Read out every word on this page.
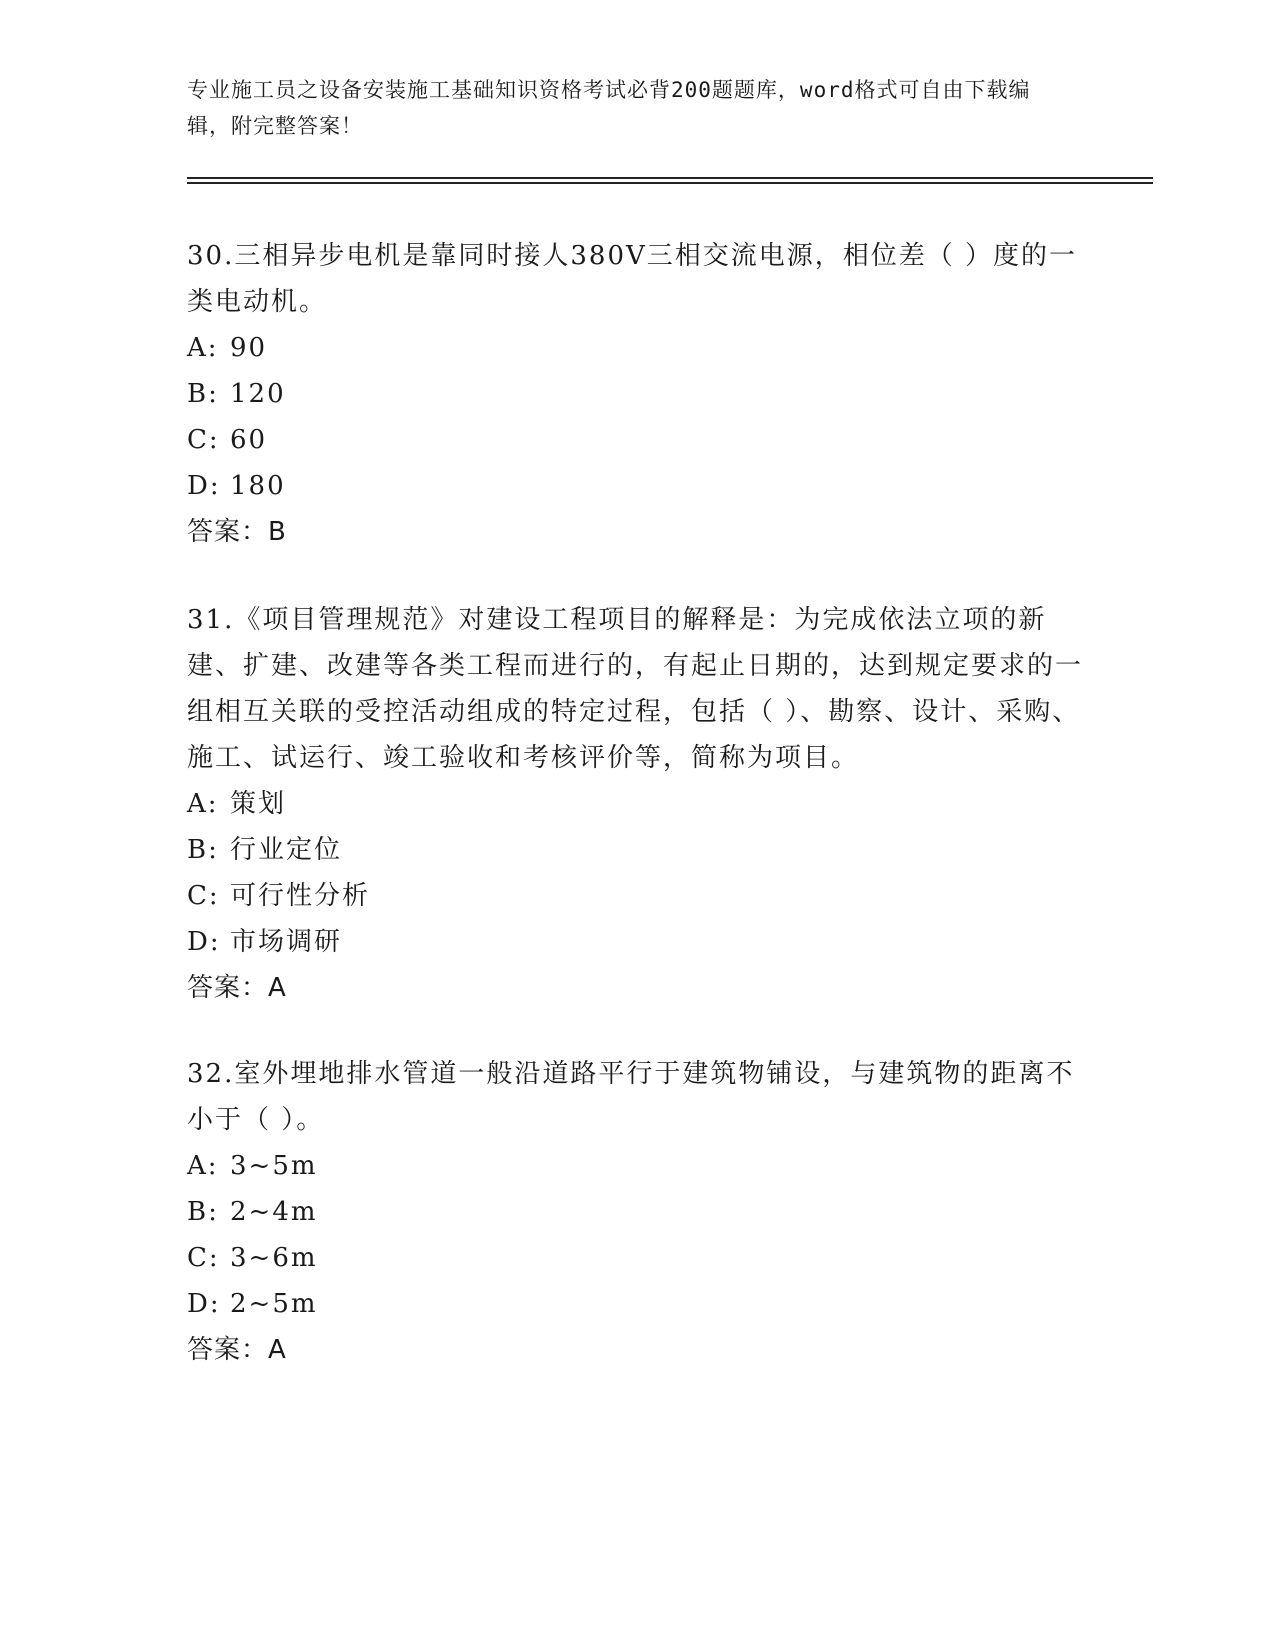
专业施工员之设备安装施工基础知识资格考试必背200题题库，word格式可自由下载编辑，附完整答案！
30.三相异步电机是靠同时接人380V三相交流电源，相位差（ ）度的一类电动机。
A: 90
B: 120
C: 60
D: 180
答案：B
31.《项目管理规范》对建设工程项目的解释是：为完成依法立项的新建、扩建、改建等各类工程而进行的，有起止日期的，达到规定要求的一组相互关联的受控活动组成的特定过程，包括（ ）、勘察、设计、采购、施工、试运行、竣工验收和考核评价等，简称为项目。
A: 策划
B: 行业定位
C: 可行性分析
D: 市场调研
答案：A
32.室外埋地排水管道一般沿道路平行于建筑物铺设，与建筑物的距离不小于（ ）。
A: 3~5m
B: 2~4m
C: 3~6m
D: 2~5m
答案：A
